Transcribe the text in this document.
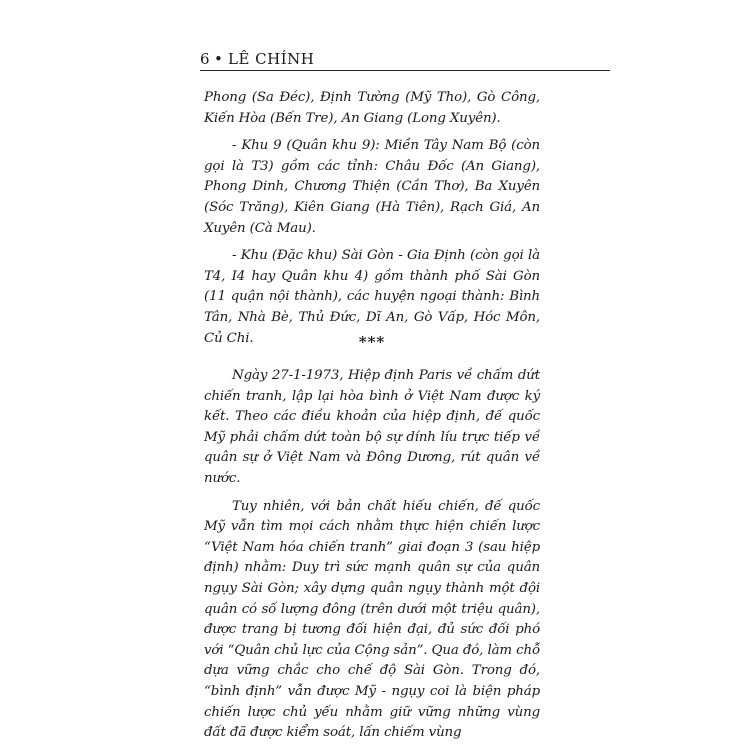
6 • LÊ CHÍNH

Phong (Sa Đéc), Định Tường (Mỹ Tho), Gò Công, Kiến Hòa (Bến Tre), An Giang (Long Xuyên).

- Khu 9 (Quân khu 9): Miền Tây Nam Bộ (còn gọi là T3) gồm các tỉnh: Châu Đốc (An Giang), Phong Dinh, Chương Thiện (Cần Thơ), Ba Xuyên (Sóc Trăng), Kiên Giang (Hà Tiên), Rạch Giá, An Xuyên (Cà Mau).

- Khu (Đặc khu) Sài Gòn - Gia Định (còn gọi là T4, I4 hay Quân khu 4) gồm thành phố Sài Gòn (11 quận nội thành), các huyện ngoại thành: Bình Tân, Nhà Bè, Thủ Đức, Dĩ An, Gò Vấp, Hóc Môn, Củ Chi.	***

Ngày 27-1-1973, Hiệp định Paris về chấm dứt chiến tranh, lập lại hòa bình ở Việt Nam được ký kết. Theo các điều khoản của hiệp định, đế quốc Mỹ phải chấm dứt toàn bộ sự dính líu trực tiếp về quân sự ở Việt Nam và Đông Dương, rút quân về nước.

Tuy nhiên, với bản chất hiếu chiến, đế quốc Mỹ vẫn tìm mọi cách nhằm thực hiện chiến lược “Việt Nam hóa chiến tranh” giai đoạn 3 (sau hiệp định) nhằm: Duy trì sức mạnh quân sự của quân ngụy Sài Gòn; xây dựng quân ngụy thành một đội quân có số lượng đông (trên dưới một triệu quân), được trang bị tương đối hiện đại, đủ sức đối phó với “Quân chủ lực của Cộng sản”. Qua đó, làm chỗ dựa vững chắc cho chế độ Sài Gòn. Trong đó, “bình định” vẫn được Mỹ - ngụy coi là biện pháp chiến lược chủ yếu nhằm giữ vững những vùng đất đã được kiểm soát, lấn chiếm vùng
